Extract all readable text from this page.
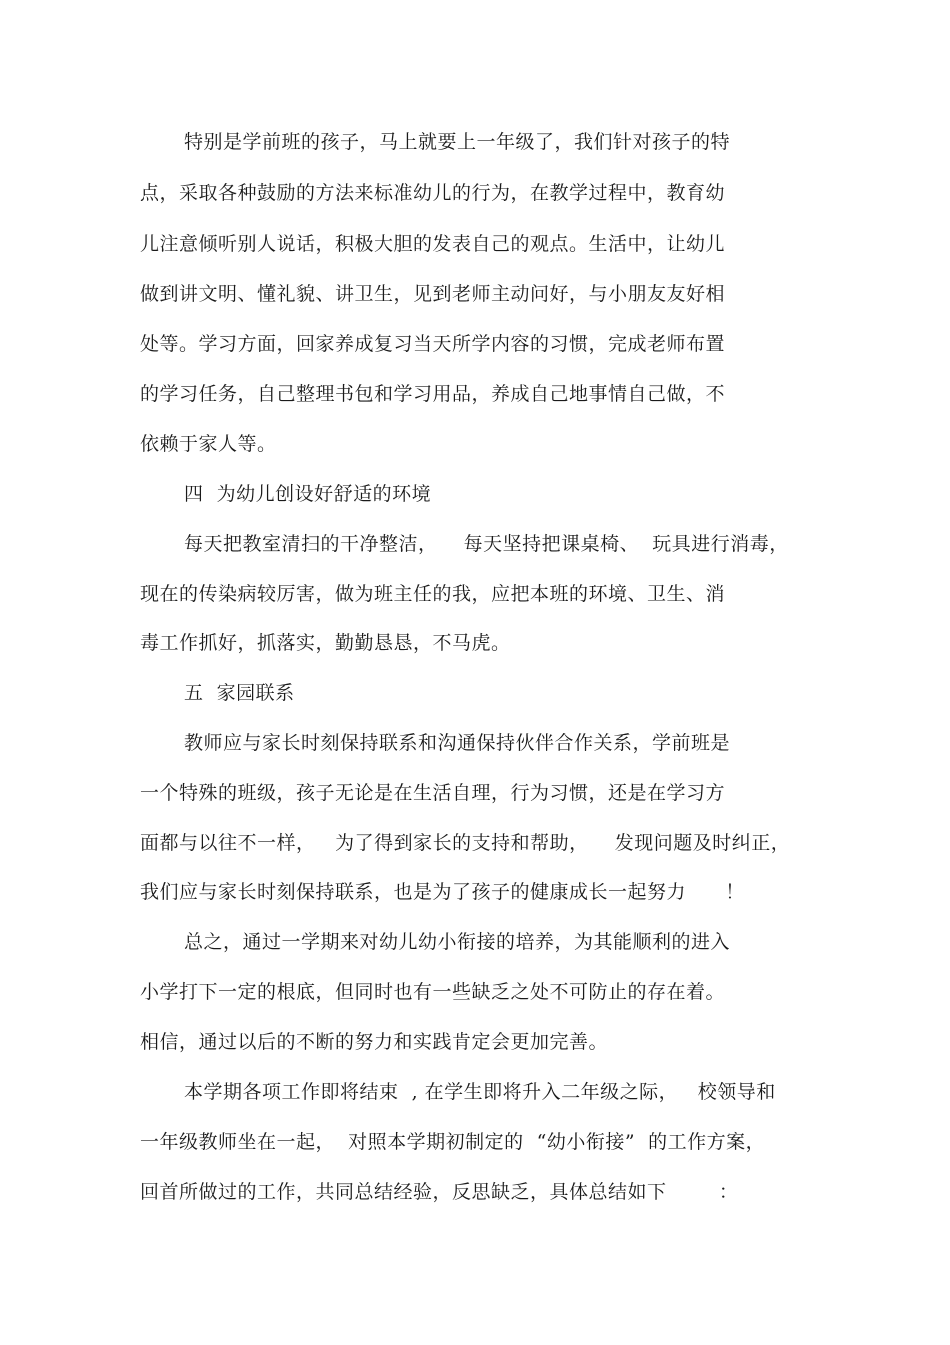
特别是学前班的孩子，马上就要上一年级了，我们针对孩子的特
点，采取各种鼓励的方法来标准幼儿的行为，在教学过程中，教育幼
儿注意倾听别人说话，积极大胆的发表自己的观点。生活中，让幼儿
做到讲文明、懂礼貌、讲卫生，见到老师主动问好，与小朋友友好相
处等。学习方面，回家养成复习当天所学内容的习惯，完成老师布置
的学习任务，自己整理书包和学习用品，养成自己地事情自己做，不
依赖于家人等。
四  为幼儿创设好舒适的环境
每天把教室清扫的干净整洁，    每天坚持把课桌椅、  玩具进行消毒，
现在的传染病较厉害，做为班主任的我，应把本班的环境、卫生、消
毒工作抓好，抓落实，勤勤恳恳，不马虎。
五  家园联系
教师应与家长时刻保持联系和沟通保持伙伴合作关系，学前班是
一个特殊的班级，孩子无论是在生活自理，行为习惯，还是在学习方
面都与以往不一样，   为了得到家长的支持和帮助，    发现问题及时纠正，
我们应与家长时刻保持联系，也是为了孩子的健康成长一起努力      ！
总之，通过一学期来对幼儿幼小衔接的培养，为其能顺利的进入
小学打下一定的根底，但同时也有一些缺乏之处不可防止的存在着。
相信，通过以后的不断的努力和实践肯定会更加完善。
本学期各项工作即将结束  , 在学生即将升入二年级之际，   校领导和
一年级教师坐在一起，  对照本学期初制定的  “幼小衔接”  的工作方案，
回首所做过的工作，共同总结经验，反思缺乏，具体总结如下        ：
